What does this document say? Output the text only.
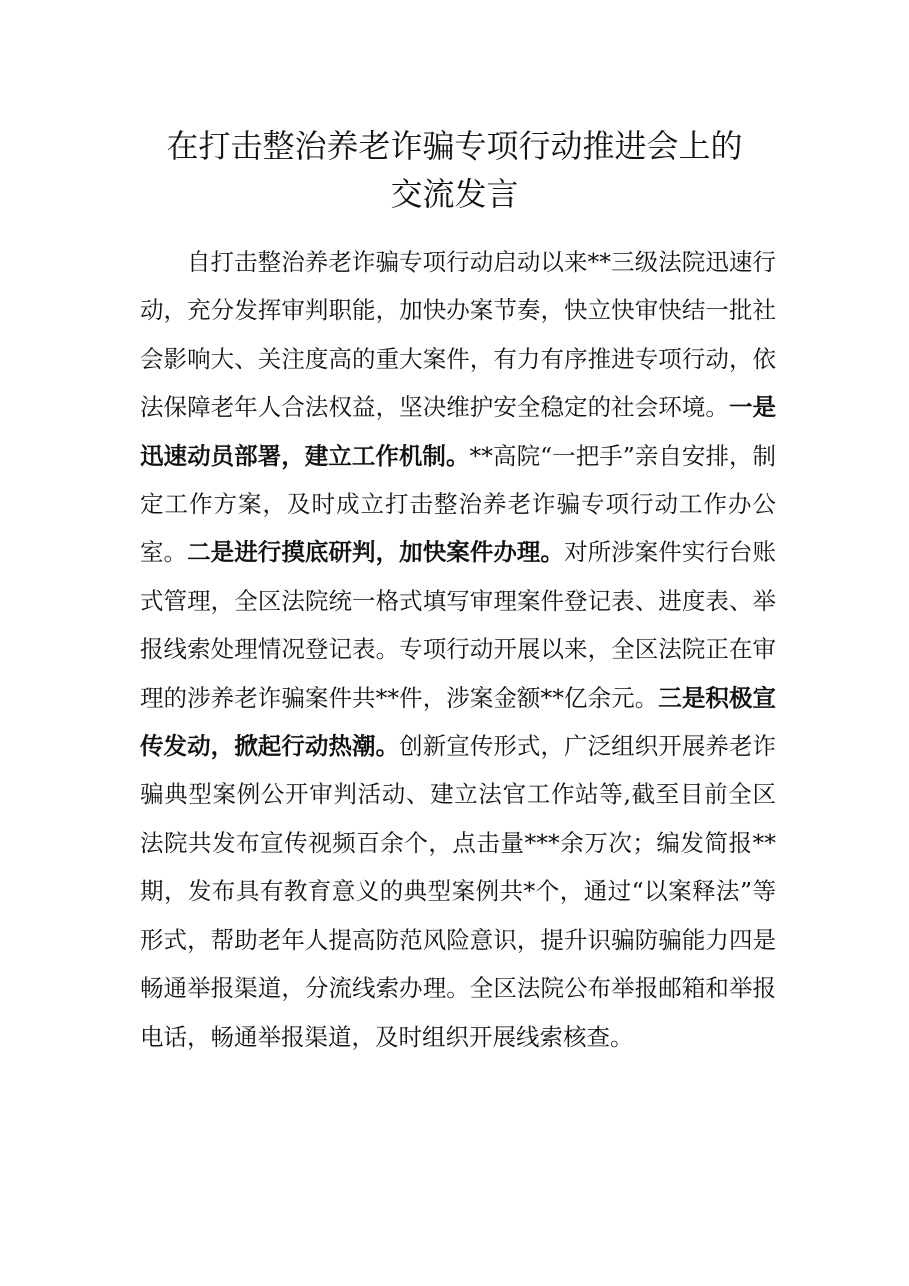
在打击整治养老诈骗专项行动推进会上的
交流发言

自打击整治养老诈骗专项行动启动以来**三级法院迅速行动，充分发挥审判职能，加快办案节奏，快立快审快结一批社会影响大、关注度高的重大案件，有力有序推进专项行动，依法保障老年人合法权益，坚决维护安全稳定的社会环境。一是迅速动员部署，建立工作机制。**高院“一把手”亲自安排，制定工作方案，及时成立打击整治养老诈骗专项行动工作办公室。二是进行摸底研判，加快案件办理。对所涉案件实行台账式管理，全区法院统一格式填写审理案件登记表、进度表、举报线索处理情况登记表。专项行动开展以来，全区法院正在审理的涉养老诈骗案件共**件，涉案金额**亿余元。三是积极宣传发动，掀起行动热潮。创新宣传形式，广泛组织开展养老诈骗典型案例公开审判活动、建立法官工作站等,截至目前全区法院共发布宣传视频百余个，点击量***余万次；编发简报**期，发布具有教育意义的典型案例共*个，通过“以案释法”等形式，帮助老年人提高防范风险意识，提升识骗防骗能力四是畅通举报渠道，分流线索办理。全区法院公布举报邮箱和举报电话，畅通举报渠道，及时组织开展线索核查。
